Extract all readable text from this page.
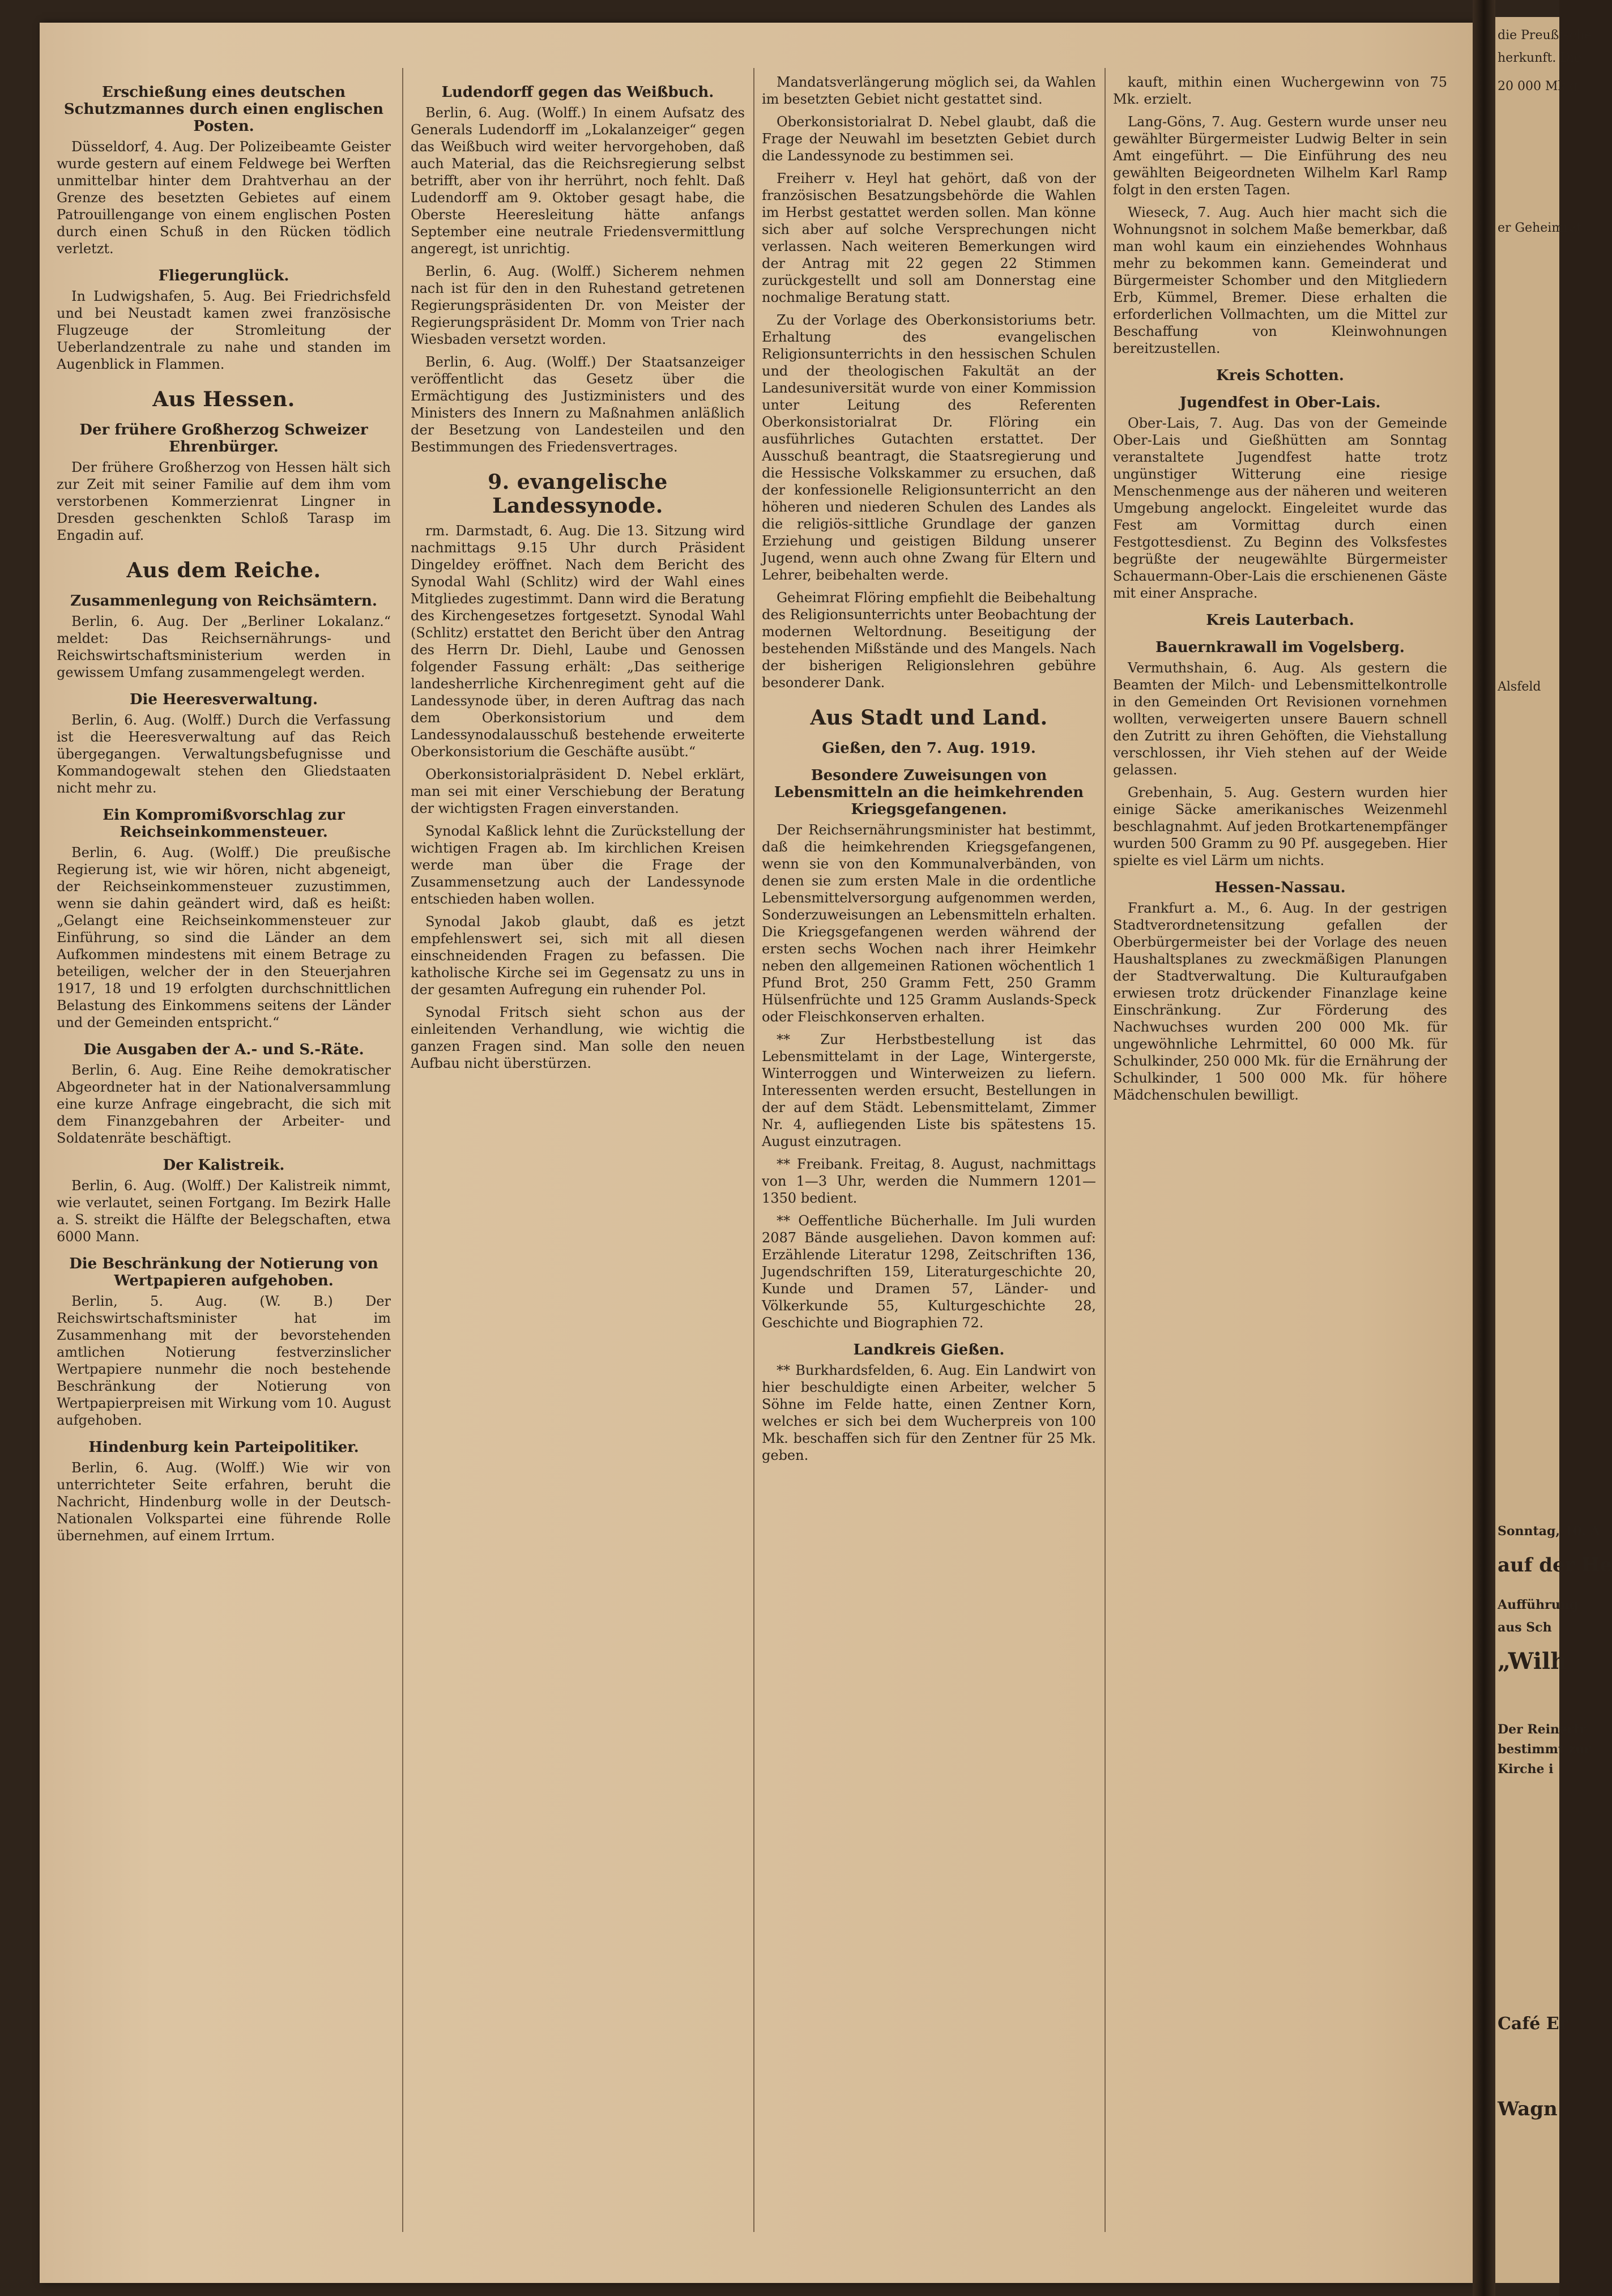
die Preußische
herkunft. Die
20 000 Mk g
er Geheimrat
Alsfeld
Sonntag, 10. A
auf der He
Aufführung
aus Sch
„Wilh
Der Reinertr
bestimmt zur
Kirche i
Café Er
Wagn
Erschießung eines deutschen Schutzmannes durch einen englischen Posten.

Düsseldorf, 4. Aug. Der Polizeibeamte Geister wurde gestern auf einem Feldwege bei Werften unmittelbar hinter dem Drahtverhau an der Grenze des besetzten Gebietes auf einem Patrouillengange von einem englischen Posten durch einen Schuß in den Rücken tödlich verletzt.

Fliegerunglück.

In Ludwigshafen, 5. Aug. Bei Friedrichsfeld und bei Neustadt kamen zwei französische Flugzeuge der Stromleitung der Ueberlandzentrale zu nahe und standen im Augenblick in Flammen.

Aus Hessen.
Der frühere Großherzog Schweizer Ehrenbürger.

Der frühere Großherzog von Hessen hält sich zur Zeit mit seiner Familie auf dem ihm vom verstorbenen Kommerzienrat Lingner in Dresden geschenkten Schloß Tarasp im Engadin auf.

Aus dem Reiche.
Zusammenlegung von Reichsämtern.

Berlin, 6. Aug. Der „Berliner Lokalanz.“ meldet: Das Reichsernährungs- und Reichswirtschaftsministerium werden in gewissem Umfang zusammengelegt werden.

Die Heeresverwaltung.

Berlin, 6. Aug. (Wolff.) Durch die Verfassung ist die Heeresverwaltung auf das Reich übergegangen. Verwaltungsbefugnisse und Kommandogewalt stehen den Gliedstaaten nicht mehr zu.

Ein Kompromißvorschlag zur Reichseinkommensteuer.

Berlin, 6. Aug. (Wolff.) Die preußische Regierung ist, wie wir hören, nicht abgeneigt, der Reichseinkommensteuer zuzustimmen, wenn sie dahin geändert wird, daß es heißt: „Gelangt eine Reichseinkommensteuer zur Einführung, so sind die Länder an dem Aufkommen mindestens mit einem Betrage zu beteiligen, welcher der in den Steuerjahren 1917, 18 und 19 erfolgten durchschnittlichen Belastung des Einkommens seitens der Länder und der Gemeinden entspricht.“

Die Ausgaben der A.- und S.-Räte.

Berlin, 6. Aug. Eine Reihe demokratischer Abgeordneter hat in der Nationalversammlung eine kurze Anfrage eingebracht, die sich mit dem Finanzgebahren der Arbeiter- und Soldatenräte beschäftigt.

Der Kalistreik.

Berlin, 6. Aug. (Wolff.) Der Kalistreik nimmt, wie verlautet, seinen Fortgang. Im Bezirk Halle a. S. streikt die Hälfte der Belegschaften, etwa 6000 Mann.

Die Beschränkung der Notierung von Wertpapieren aufgehoben.

Berlin, 5. Aug. (W. B.) Der Reichswirtschaftsminister hat im Zusammenhang mit der bevorstehenden amtlichen Notierung festverzinslicher Wertpapiere nunmehr die noch bestehende Beschränkung der Notierung von Wertpapierpreisen mit Wirkung vom 10. August aufgehoben.

Hindenburg kein Parteipolitiker.

Berlin, 6. Aug. (Wolff.) Wie wir von unterrichteter Seite erfahren, beruht die Nachricht, Hindenburg wolle in der Deutsch-Nationalen Volkspartei eine führende Rolle übernehmen, auf einem Irrtum.

Ludendorff gegen das Weißbuch.

Berlin, 6. Aug. (Wolff.) In einem Aufsatz des Generals Ludendorff im „Lokalanzeiger“ gegen das Weißbuch wird weiter hervorgehoben, daß auch Material, das die Reichsregierung selbst betrifft, aber von ihr herrührt, noch fehlt. Daß Ludendorff am 9. Oktober gesagt habe, die Oberste Heeresleitung hätte anfangs September eine neutrale Friedensvermittlung angeregt, ist unrichtig.

Berlin, 6. Aug. (Wolff.) Sicherem nehmen nach ist für den in den Ruhestand getretenen Regierungspräsidenten Dr. von Meister der Regierungspräsident Dr. Momm von Trier nach Wiesbaden versetzt worden.

Berlin, 6. Aug. (Wolff.) Der Staatsanzeiger veröffentlicht das Gesetz über die Ermächtigung des Justizministers und des Ministers des Innern zu Maßnahmen anläßlich der Besetzung von Landesteilen und den Bestimmungen des Friedensvertrages.

9. evangelische Landessynode.

rm. Darmstadt, 6. Aug. Die 13. Sitzung wird nachmittags 9.15 Uhr durch Präsident Dingeldey eröffnet. Nach dem Bericht des Synodal Wahl (Schlitz) wird der Wahl eines Mitgliedes zugestimmt. Dann wird die Beratung des Kirchengesetzes fortgesetzt. Synodal Wahl (Schlitz) erstattet den Bericht über den Antrag des Herrn Dr. Diehl, Laube und Genossen folgender Fassung erhält: „Das seitherige landesherrliche Kirchenregiment geht auf die Landessynode über, in deren Auftrag das nach dem Oberkonsistorium und dem Landessynodalausschuß bestehende erweiterte Oberkonsistorium die Geschäfte ausübt.“

Oberkonsistorialpräsident D. Nebel erklärt, man sei mit einer Verschiebung der Beratung der wichtigsten Fragen einverstanden.

Synodal Kaßlick lehnt die Zurückstellung der wichtigen Fragen ab. Im kirchlichen Kreisen werde man über die Frage der Zusammensetzung auch der Landessynode entschieden haben wollen.

Synodal Jakob glaubt, daß es jetzt empfehlenswert sei, sich mit all diesen einschneidenden Fragen zu befassen. Die katholische Kirche sei im Gegensatz zu uns in der gesamten Aufregung ein ruhender Pol.

Synodal Fritsch sieht schon aus der einleitenden Verhandlung, wie wichtig die ganzen Fragen sind. Man solle den neuen Aufbau nicht überstürzen.

Mandatsverlängerung möglich sei, da Wahlen im besetzten Gebiet nicht gestattet sind.

Oberkonsistorialrat D. Nebel glaubt, daß die Frage der Neuwahl im besetzten Gebiet durch die Landessynode zu bestimmen sei.

Freiherr v. Heyl hat gehört, daß von der französischen Besatzungsbehörde die Wahlen im Herbst gestattet werden sollen. Man könne sich aber auf solche Versprechungen nicht verlassen. Nach weiteren Bemerkungen wird der Antrag mit 22 gegen 22 Stimmen zurückgestellt und soll am Donnerstag eine nochmalige Beratung statt.

Zu der Vorlage des Oberkonsistoriums betr. Erhaltung des evangelischen Religionsunterrichts in den hessischen Schulen und der theologischen Fakultät an der Landesuniversität wurde von einer Kommission unter Leitung des Referenten Oberkonsistorialrat Dr. Flöring ein ausführliches Gutachten erstattet. Der Ausschuß beantragt, die Staatsregierung und die Hessische Volkskammer zu ersuchen, daß der konfessionelle Religionsunterricht an den höheren und niederen Schulen des Landes als die religiös-sittliche Grundlage der ganzen Erziehung und geistigen Bildung unserer Jugend, wenn auch ohne Zwang für Eltern und Lehrer, beibehalten werde.

Geheimrat Flöring empfiehlt die Beibehaltung des Religionsunterrichts unter Beobachtung der modernen Weltordnung. Beseitigung der bestehenden Mißstände und des Mangels. Nach der bisherigen Religionslehren gebühre besonderer Dank.

Aus Stadt und Land.
Gießen, den 7. Aug. 1919.
Besondere Zuweisungen von Lebensmitteln an die heimkehrenden Kriegsgefangenen.

Der Reichsernährungsminister hat bestimmt, daß die heimkehrenden Kriegsgefangenen, wenn sie von den Kommunalverbänden, von denen sie zum ersten Male in die ordentliche Lebensmittelversorgung aufgenommen werden, Sonderzuweisungen an Lebensmitteln erhalten. Die Kriegsgefangenen werden während der ersten sechs Wochen nach ihrer Heimkehr neben den allgemeinen Rationen wöchentlich 1 Pfund Brot, 250 Gramm Fett, 250 Gramm Hülsenfrüchte und 125 Gramm Auslands-Speck oder Fleischkonserven erhalten.

** Zur Herbstbestellung ist das Lebensmittelamt in der Lage, Wintergerste, Winterroggen und Winterweizen zu liefern. Interessenten werden ersucht, Bestellungen in der auf dem Städt. Lebensmittelamt, Zimmer Nr. 4, aufliegenden Liste bis spätestens 15. August einzutragen.

** Freibank. Freitag, 8. August, nachmittags von 1—3 Uhr, werden die Nummern 1201—1350 bedient.

** Oeffentliche Bücherhalle. Im Juli wurden 2087 Bände ausgeliehen. Davon kommen auf: Erzählende Literatur 1298, Zeitschriften 136, Jugendschriften 159, Literaturgeschichte 20, Kunde und Dramen 57, Länder- und Völkerkunde 55, Kulturgeschichte 28, Geschichte und Biographien 72.

Landkreis Gießen.

** Burkhardsfelden, 6. Aug. Ein Landwirt von hier beschuldigte einen Arbeiter, welcher 5 Söhne im Felde hatte, einen Zentner Korn, welches er sich bei dem Wucherpreis von 100 Mk. beschaffen sich für den Zentner für 25 Mk. geben.

kauft, mithin einen Wuchergewinn von 75 Mk. erzielt.

Lang-Göns, 7. Aug. Gestern wurde unser neu gewählter Bürgermeister Ludwig Belter in sein Amt eingeführt. — Die Einführung des neu gewählten Beigeordneten Wilhelm Karl Ramp folgt in den ersten Tagen.

Wieseck, 7. Aug. Auch hier macht sich die Wohnungsnot in solchem Maße bemerkbar, daß man wohl kaum ein einziehendes Wohnhaus mehr zu bekommen kann. Gemeinderat und Bürgermeister Schomber und den Mitgliedern Erb, Kümmel, Bremer. Diese erhalten die erforderlichen Vollmachten, um die Mittel zur Beschaffung von Kleinwohnungen bereitzustellen.

Kreis Schotten.
Jugendfest in Ober-Lais.

Ober-Lais, 7. Aug. Das von der Gemeinde Ober-Lais und Gießhütten am Sonntag veranstaltete Jugendfest hatte trotz ungünstiger Witterung eine riesige Menschenmenge aus der näheren und weiteren Umgebung angelockt. Eingeleitet wurde das Fest am Vormittag durch einen Festgottesdienst. Zu Beginn des Volksfestes begrüßte der neugewählte Bürgermeister Schauermann-Ober-Lais die erschienenen Gäste mit einer Ansprache.

Kreis Lauterbach.
Bauernkrawall im Vogelsberg.

Vermuthshain, 6. Aug. Als gestern die Beamten der Milch- und Lebensmittelkontrolle in den Gemeinden Ort Revisionen vornehmen wollten, verweigerten unsere Bauern schnell den Zutritt zu ihren Gehöften, die Viehstallung verschlossen, ihr Vieh stehen auf der Weide gelassen.

Grebenhain, 5. Aug. Gestern wurden hier einige Säcke amerikanisches Weizenmehl beschlagnahmt. Auf jeden Brotkartenempfänger wurden 500 Gramm zu 90 Pf. ausgegeben. Hier spielte es viel Lärm um nichts.

Hessen-Nassau.

Frankfurt a. M., 6. Aug. In der gestrigen Stadtverordnetensitzung gefallen der Oberbürgermeister bei der Vorlage des neuen Haushaltsplanes zu zweckmäßigen Planungen der Stadtverwaltung. Die Kulturaufgaben erwiesen trotz drückender Finanzlage keine Einschränkung. Zur Förderung des Nachwuchses wurden 200 000 Mk. für ungewöhnliche Lehrmittel, 60 000 Mk. für Schulkinder, 250 000 Mk. für die Ernährung der Schulkinder, 1 500 000 Mk. für höhere Mädchenschulen bewilligt.
